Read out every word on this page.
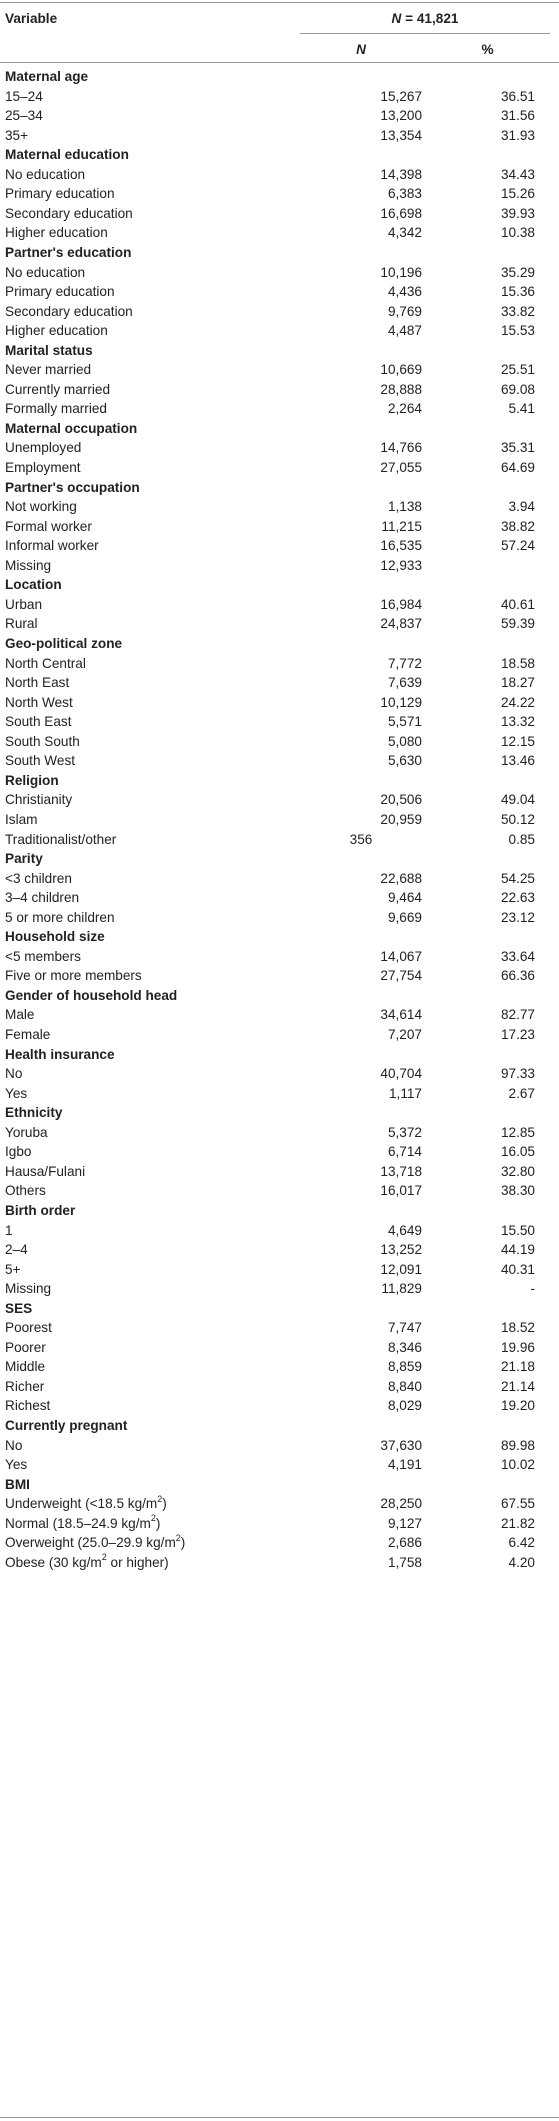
Variable	N = 41,821
N	%
Maternal age
15–24	15,267	36.51
25–34	13,200	31.56
35+	13,354	31.93
Maternal education
No education	14,398	34.43
Primary education	6,383	15.26
Secondary education	16,698	39.93
Higher education	4,342	10.38
Partner's education
No education	10,196	35.29
Primary education	4,436	15.36
Secondary education	9,769	33.82
Higher education	4,487	15.53
Marital status
Never married	10,669	25.51
Currently married	28,888	69.08
Formally married	2,264	5.41
Maternal occupation
Unemployed	14,766	35.31
Employment	27,055	64.69
Partner's occupation
Not working	1,138	3.94
Formal worker	11,215	38.82
Informal worker	16,535	57.24
Missing	12,933
Location
Urban	16,984	40.61
Rural	24,837	59.39
Geo-political zone
North Central	7,772	18.58
North East	7,639	18.27
North West	10,129	24.22
South East	5,571	13.32
South South	5,080	12.15
South West	5,630	13.46
Religion
Christianity	20,506	49.04
Islam	20,959	50.12
Traditionalist/other	356	0.85
Parity
<3 children	22,688	54.25
3–4 children	9,464	22.63
5 or more children	9,669	23.12
Household size
<5 members	14,067	33.64
Five or more members	27,754	66.36
Gender of household head
Male	34,614	82.77
Female	7,207	17.23
Health insurance
No	40,704	97.33
Yes	1,117	2.67
Ethnicity
Yoruba	5,372	12.85
Igbo	6,714	16.05
Hausa/Fulani	13,718	32.80
Others	16,017	38.30
Birth order
1	4,649	15.50
2–4	13,252	44.19
5+	12,091	40.31
Missing	11,829	-
SES
Poorest	7,747	18.52
Poorer	8,346	19.96
Middle	8,859	21.18
Richer	8,840	21.14
Richest	8,029	19.20
Currently pregnant
No	37,630	89.98
Yes	4,191	10.02
BMI
Underweight (<18.5 $kg/m^2$)	28,250	67.55
Normal (18.5–24.9 $kg/m^2$)	9,127	21.82
Overweight (25.0–29.9 $kg/m^2$)	2,686	6.42
Obese (30 $kg/m^2$ or higher)	1,758	4.20
